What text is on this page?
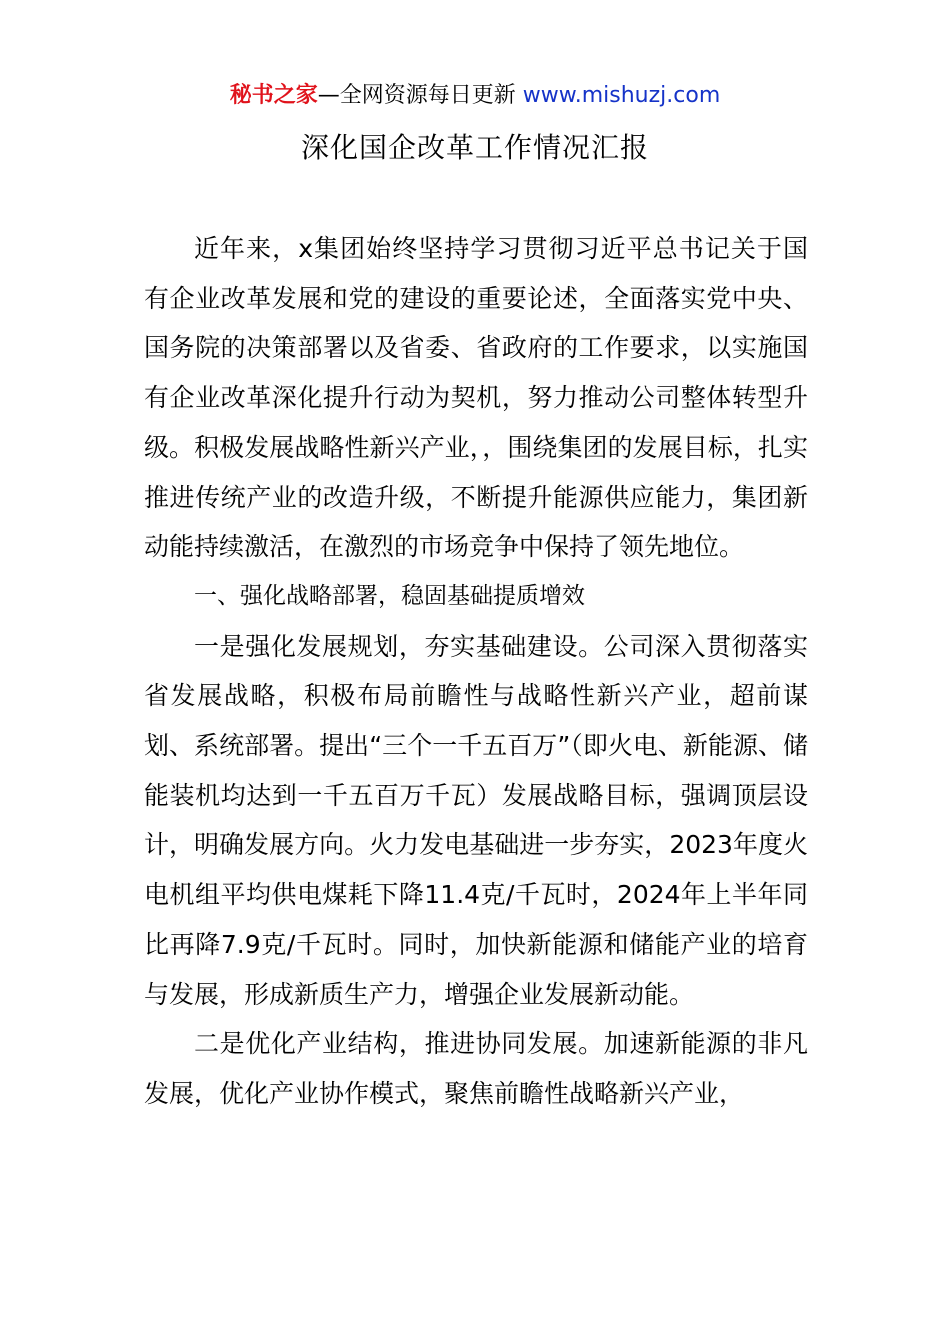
秘书之家—全网资源每日更新 www.mishuzj.com
深化国企改革工作情况汇报

近年来，x集团始终坚持学习贯彻习近平总书记关于国有企业改革发展和党的建设的重要论述，全面落实党中央、国务院的决策部署以及省委、省政府的工作要求，以实施国有企业改革深化提升行动为契机，努力推动公司整体转型升级。积极发展战略性新兴产业，，围绕集团的发展目标，扎实推进传统产业的改造升级，不断提升能源供应能力，集团新动能持续激活，在激烈的市场竞争中保持了领先地位。

一、强化战略部署，稳固基础提质增效

一是强化发展规划，夯实基础建设。公司深入贯彻落实省发展战略，积极布局前瞻性与战略性新兴产业，超前谋划、系统部署。提出“三个一千五百万”（即火电、新能源、储能装机均达到一千五百万千瓦）发展战略目标，强调顶层设计，明确发展方向。火力发电基础进一步夯实，2023年度火电机组平均供电煤耗下降11.4克/千瓦时，2024年上半年同比再降7.9克/千瓦时。同时，加快新能源和储能产业的培育与发展，形成新质生产力，增强企业发展新动能。

二是优化产业结构，推进协同发展。加速新能源的非凡发展，优化产业协作模式，聚焦前瞻性战略新兴产业，
